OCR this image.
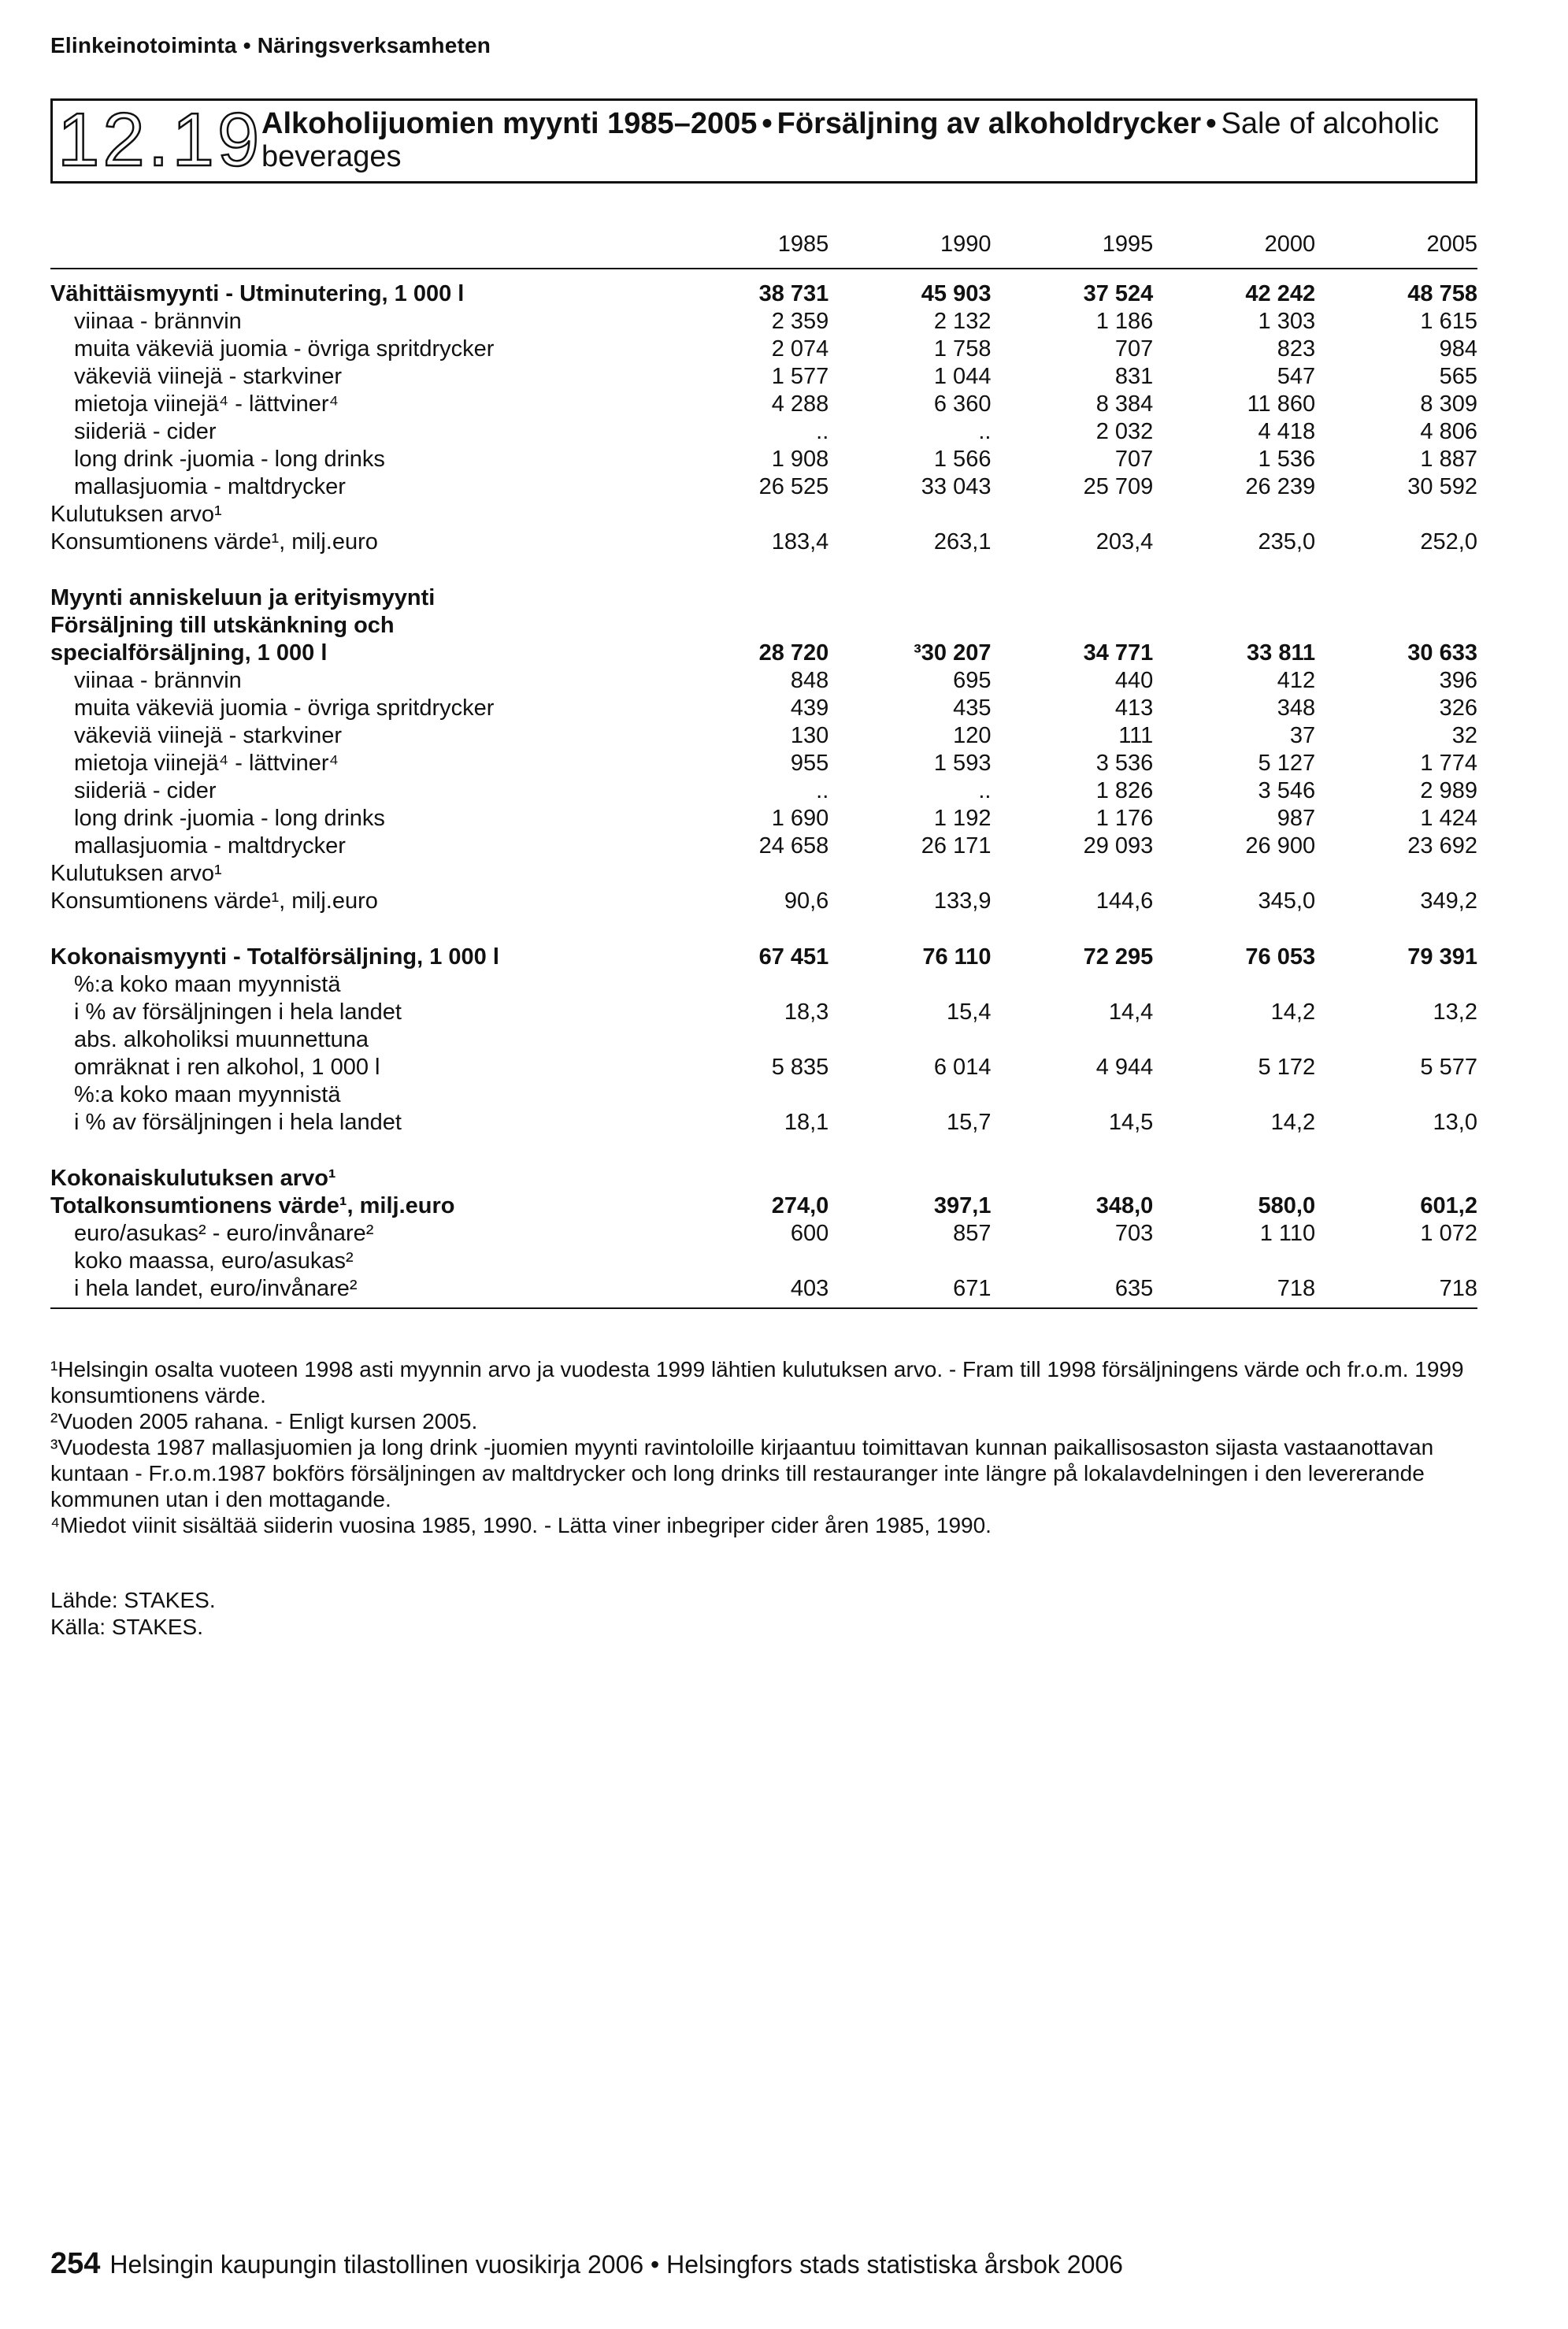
Elinkeinotoiminta • Näringsverksamheten
12.19
Alkoholijuomien myynti 1985–2005 • Försäljning av alkoholdrycker • Sale of alcoholic beverages
	1985	1990	1995	2000	2005
Vähittäismyynti - Utminutering, 1 000 l	38 731	45 903	37 524	42 242	48 758
viinaa - brännvin	2 359	2 132	1 186	1 303	1 615
muita väkeviä juomia - övriga spritdrycker	2 074	1 758	707	823	984
väkeviä viinejä - starkviner	1 577	1 044	831	547	565
mietoja viinejä⁴ - lättviner⁴	4 288	6 360	8 384	11 860	8 309
siideriä - cider	..	..	2 032	4 418	4 806
long drink -juomia - long drinks	1 908	1 566	707	1 536	1 887
mallasjuomia - maltdrycker	26 525	33 043	25 709	26 239	30 592
Kulutuksen arvo¹					
Konsumtionens värde¹, milj.euro	183,4	263,1	203,4	235,0	252,0

Myynti anniskeluun ja erityismyynti					
Försäljning till utskänkning och					
specialförsäljning, 1 000 l	28 720	³30 207	34 771	33 811	30 633
viinaa - brännvin	848	695	440	412	396
muita väkeviä juomia - övriga spritdrycker	439	435	413	348	326
väkeviä viinejä - starkviner	130	120	111	37	32
mietoja viinejä⁴ - lättviner⁴	955	1 593	3 536	5 127	1 774
siideriä - cider	..	..	1 826	3 546	2 989
long drink -juomia - long drinks	1 690	1 192	1 176	987	1 424
mallasjuomia - maltdrycker	24 658	26 171	29 093	26 900	23 692
Kulutuksen arvo¹					
Konsumtionens värde¹, milj.euro	90,6	133,9	144,6	345,0	349,2

Kokonaismyynti - Totalförsäljning, 1 000 l	67 451	76 110	72 295	76 053	79 391
%:a koko maan myynnistä					
i % av försäljningen i hela landet	18,3	15,4	14,4	14,2	13,2
abs. alkoholiksi muunnettuna					
omräknat i ren alkohol, 1 000 l	5 835	6 014	4 944	5 172	5 577
%:a koko maan myynnistä					
i % av försäljningen i hela landet	18,1	15,7	14,5	14,2	13,0

Kokonaiskulutuksen arvo¹					
Totalkonsumtionens värde¹, milj.euro	274,0	397,1	348,0	580,0	601,2
euro/asukas² - euro/invånare²	600	857	703	1 110	1 072
koko maassa, euro/asukas²					
i hela landet, euro/invånare²	403	671	635	718	718

¹Helsingin osalta vuoteen 1998 asti myynnin arvo ja vuodesta 1999 lähtien kulutuksen arvo. - Fram till 1998 försäljningens värde och fr.o.m. 1999 konsumtionens värde.

²Vuoden 2005 rahana. - Enligt kursen 2005.

³Vuodesta 1987 mallasjuomien ja long drink -juomien myynti ravintoloille kirjaantuu toimittavan kunnan paikallisosaston sijasta vastaanottavan kuntaan - Fr.o.m.1987 bokförs försäljningen av maltdrycker och long drinks till restauranger inte längre på lokalavdelningen i den levererande kommunen utan i den mottagande.

⁴Miedot viinit sisältää siiderin vuosina 1985, 1990. - Lätta viner inbegriper cider åren 1985, 1990.

Lähde: STAKES.

Källa: STAKES.

254 Helsingin kaupungin tilastollinen vuosikirja 2006 • Helsingfors stads statistiska årsbok 2006
